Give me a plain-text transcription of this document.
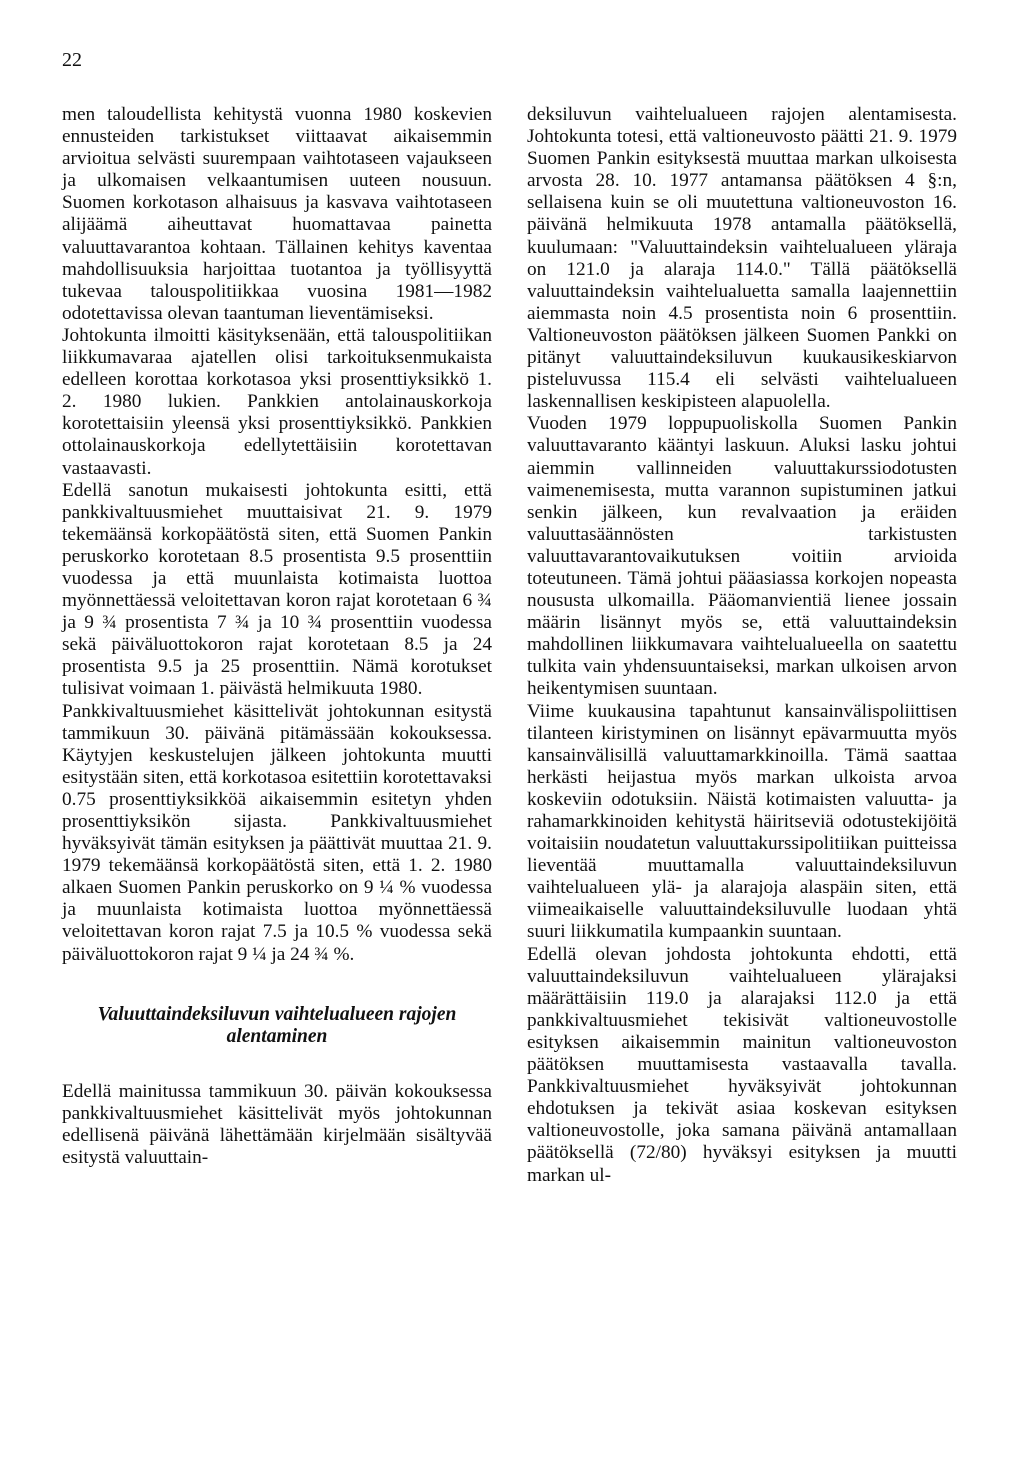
22

men taloudellista kehitystä vuonna 1980 koskevien ennusteiden tarkistukset viittaavat aikaisemmin arvioitua selvästi suurempaan vaihtotaseen vajaukseen ja ulkomaisen velkaantumisen uuteen nousuun. Suomen korkotason alhaisuus ja kasvava vaihtotaseen alijäämä aiheuttavat huomattavaa painetta valuuttavarantoa kohtaan. Tällainen kehitys kaventaa mahdollisuuksia harjoittaa tuotantoa ja työllisyyttä tukevaa talouspolitiikkaa vuosina 1981—1982 odotettavissa olevan taantuman lieventämiseksi.

Johtokunta ilmoitti käsityksenään, että talouspolitiikan liikkumavaraa ajatellen olisi tarkoituksenmukaista edelleen korottaa korkotasoa yksi prosenttiyksikkö 1. 2. 1980 lukien. Pankkien antolainauskorkoja korotettaisiin yleensä yksi prosenttiyksikkö. Pankkien ottolainauskorkoja edellytettäisiin korotettavan vastaavasti.

Edellä sanotun mukaisesti johtokunta esitti, että pankkivaltuusmiehet muuttaisivat 21. 9. 1979 tekemäänsä korkopäätöstä siten, että Suomen Pankin peruskorko korotetaan 8.5 prosentista 9.5 prosenttiin vuodessa ja että muunlaista kotimaista luottoa myönnettäessä veloitettavan koron rajat korotetaan 6 ¾ ja 9 ¾ prosentista 7 ¾ ja 10 ¾ prosenttiin vuodessa sekä päiväluottokoron rajat korotetaan 8.5 ja 24 prosentista 9.5 ja 25 prosenttiin. Nämä korotukset tulisivat voimaan 1. päivästä helmikuuta 1980.

Pankkivaltuusmiehet käsittelivät johtokunnan esitystä tammikuun 30. päivänä pitämässään kokouksessa. Käytyjen keskustelujen jälkeen johtokunta muutti esitystään siten, että korkotasoa esitettiin korotettavaksi 0.75 prosenttiyksikköä aikaisemmin esitetyn yhden prosenttiyksikön sijasta. Pankkivaltuusmiehet hyväksyivät tämän esityksen ja päättivät muuttaa 21. 9. 1979 tekemäänsä korkopäätöstä siten, että 1. 2. 1980 alkaen Suomen Pankin peruskorko on 9 ¼ % vuodessa ja muunlaista kotimaista luottoa myönnettäessä veloitettavan koron rajat 7.5 ja 10.5 % vuodessa sekä päiväluottokoron rajat 9 ¼ ja 24 ¾ %.

Valuuttaindeksiluvun vaihtelualueen rajojen alentaminen

Edellä mainitussa tammikuun 30. päivän kokouksessa pankkivaltuusmiehet käsittelivät myös johtokunnan edellisenä päivänä lähettämään kirjelmään sisältyvää esitystä valuuttain-

deksiluvun vaihtelualueen rajojen alentamisesta. Johtokunta totesi, että valtioneuvosto päätti 21. 9. 1979 Suomen Pankin esityksestä muuttaa markan ulkoisesta arvosta 28. 10. 1977 antamansa päätöksen 4 §:n, sellaisena kuin se oli muutettuna valtioneuvoston 16. päivänä helmikuuta 1978 antamalla päätöksellä, kuulumaan: "Valuuttaindeksin vaihtelualueen yläraja on 121.0 ja alaraja 114.0." Tällä päätöksellä valuuttaindeksin vaihtelualuetta samalla laajennettiin aiemmasta noin 4.5 prosentista noin 6 prosenttiin. Valtioneuvoston päätöksen jälkeen Suomen Pankki on pitänyt valuuttaindeksiluvun kuukausikeskiarvon pisteluvussa 115.4 eli selvästi vaihtelualueen laskennallisen keskipisteen alapuolella.

Vuoden 1979 loppupuoliskolla Suomen Pankin valuuttavaranto kääntyi laskuun. Aluksi lasku johtui aiemmin vallinneiden valuuttakurssiodotusten vaimenemisesta, mutta varannon supistuminen jatkui senkin jälkeen, kun revalvaation ja eräiden valuuttasäännösten tarkistusten valuuttavarantovaikutuksen voitiin arvioida toteutuneen. Tämä johtui pääasiassa korkojen nopeasta noususta ulkomailla. Pääomanvientiä lienee jossain määrin lisännyt myös se, että valuuttaindeksin mahdollinen liikkumavara vaihtelualueella on saatettu tulkita vain yhdensuuntaiseksi, markan ulkoisen arvon heikentymisen suuntaan.

Viime kuukausina tapahtunut kansainvälispoliittisen tilanteen kiristyminen on lisännyt epävarmuutta myös kansainvälisillä valuuttamarkkinoilla. Tämä saattaa herkästi heijastua myös markan ulkoista arvoa koskeviin odotuksiin. Näistä kotimaisten valuutta- ja rahamarkkinoiden kehitystä häiritseviä odotustekijöitä voitaisiin noudatetun valuuttakurssipolitiikan puitteissa lieventää muuttamalla valuuttaindeksiluvun vaihtelualueen ylä- ja alarajoja alaspäin siten, että viimeaikaiselle valuuttaindeksiluvulle luodaan yhtä suuri liikkumatila kumpaankin suuntaan.

Edellä olevan johdosta johtokunta ehdotti, että valuuttaindeksiluvun vaihtelualueen ylärajaksi määrättäisiin 119.0 ja alarajaksi 112.0 ja että pankkivaltuusmiehet tekisivät valtioneuvostolle esityksen aikaisemmin mainitun valtioneuvoston päätöksen muuttamisesta vastaavalla tavalla. Pankkivaltuusmiehet hyväksyivät johtokunnan ehdotuksen ja tekivät asiaa koskevan esityksen valtioneuvostolle, joka samana päivänä antamallaan päätöksellä (72/80) hyväksyi esityksen ja muutti markan ul-
